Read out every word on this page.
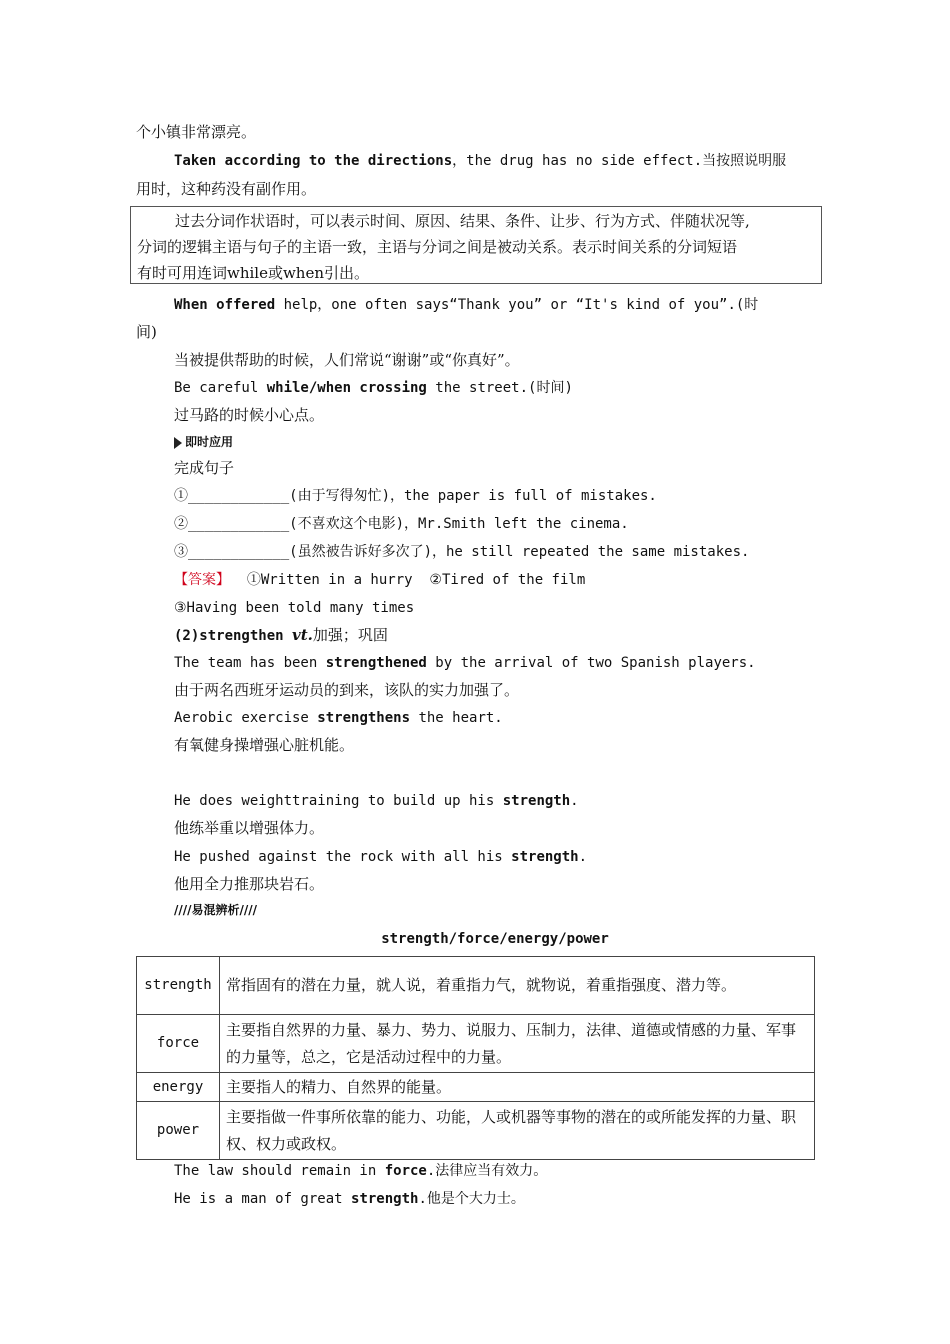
个小镇非常漂亮。
Taken according to the directions，the drug has no side effect.当按照说明服
用时，这种药没有副作用。
过去分词作状语时，可以表示时间、原因、结果、条件、让步、行为方式、伴随状况等,
分词的逻辑主语与句子的主语一致，主语与分词之间是被动关系。表示时间关系的分词短语
有时可用连词while或when引出。
When offered help，one often says“Thank you” or “It's kind of you”.(时
间)
当被提供帮助的时候，人们常说“谢谢”或“你真好”。
Be careful while/when crossing the street.(时间)
过马路的时候小心点。
即时应用
完成句子
①____________(由于写得匆忙)，the paper is full of mistakes.
②____________(不喜欢这个电影)，Mr.Smith left the cinema.
③____________(虽然被告诉好多次了)，he still repeated the same mistakes.
【答案】  ①Written in a hurry  ②Tired of the film
③Having been told many times
(2)strengthen vt.加强；巩固
The team has been strengthened by the arrival of two Spanish players.
由于两名西班牙运动员的到来，该队的实力加强了。
Aerobic exercise strengthens the heart.
有氧健身操增强心脏机能。
He does weighttraining to build up his strength.
他练举重以增强体力。
He pushed against the rock with all his strength.
他用全力推那块岩石。
////易混辨析////
strength/force/energy/power
strength	常指固有的潜在力量，就人说，着重指力气，就物说，着重指强度、潜力等。
force	主要指自然界的力量、暴力、势力、说服力、压制力，法律、道德或情感的力量、军事的力量等，总之，它是活动过程中的力量。
energy	主要指人的精力、自然界的能量。
power	主要指做一件事所依靠的能力、功能，人或机器等事物的潜在的或所能发挥的力量、职权、权力或政权。
The law should remain in force.法律应当有效力。
He is a man of great strength.他是个大力士。
